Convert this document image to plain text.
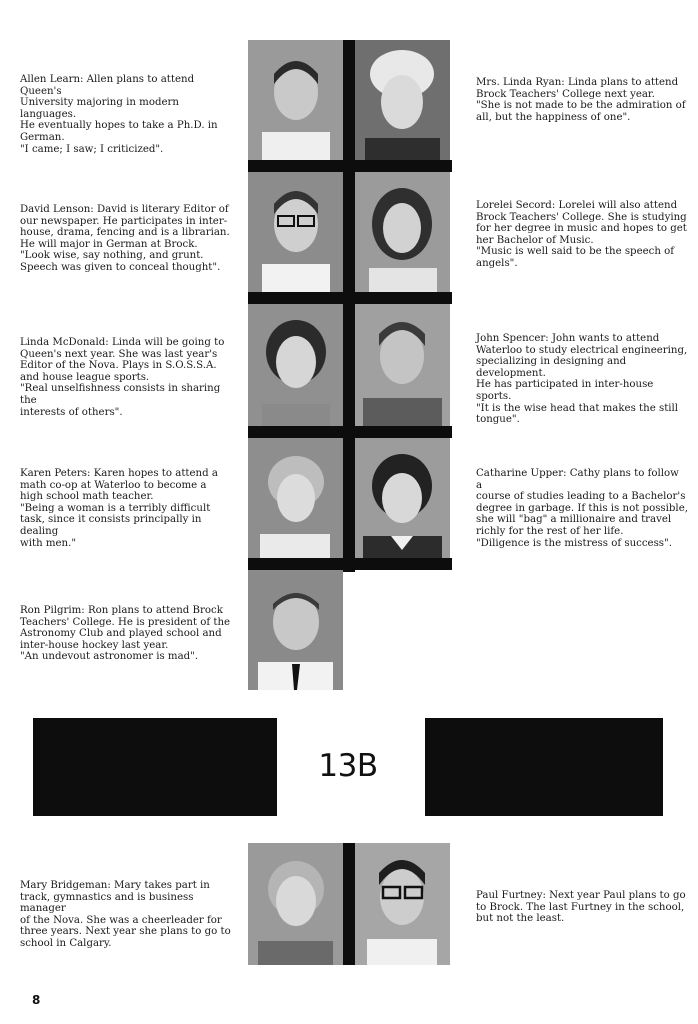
Allen Learn: Allen plans to attend Queen's
University majoring in modern languages.
He eventually hopes to take a Ph.D. in
German.
"I came; I saw; I criticized".
Mrs. Linda Ryan: Linda plans to attend
Brock Teachers' College next year.
"She is not made to be the admiration of
all, but the happiness of one".
David Lenson: David is literary Editor of
our newspaper. He participates in inter-
house, drama, fencing and is a librarian.
He will major in German at Brock.
"Look wise, say nothing, and grunt.
Speech was given to conceal thought".
Lorelei Secord: Lorelei will also attend
Brock Teachers' College. She is studying
for her degree in music and hopes to get
her Bachelor of Music.
"Music is well said to be the speech of
angels".
Linda McDonald: Linda will be going to
Queen's next year. She was last year's
Editor of the Nova. Plays in S.O.S.S.A.
and house league sports.
"Real unselfishness consists in sharing the
interests of others".
John Spencer: John wants to attend
Waterloo to study electrical engineering,
specializing in designing and development.
He has participated in inter-house sports.
"It is the wise head that makes the still
tongue".
Karen Peters: Karen hopes to attend a
math co-op at Waterloo to become a
high school math teacher.
"Being a woman is a terribly difficult
task, since it consists principally in dealing
with men."
Catharine Upper: Cathy plans to follow a
course of studies leading to a Bachelor's
degree in garbage. If this is not possible,
she will "bag" a millionaire and travel
richly for the rest of her life.
"Diligence is the mistress of success".
Ron Pilgrim: Ron plans to attend Brock
Teachers' College. He is president of the
Astronomy Club and played school and
inter-house hockey last year.
"An undevout astronomer is mad".
Mary Bridgeman: Mary takes part in
track, gymnastics and is business manager
of the Nova. She was a cheerleader for
three years. Next year she plans to go to
school in Calgary.
Paul Furtney: Next year Paul plans to go
to Brock. The last Furtney in the school,
but not the least.
13B
8
